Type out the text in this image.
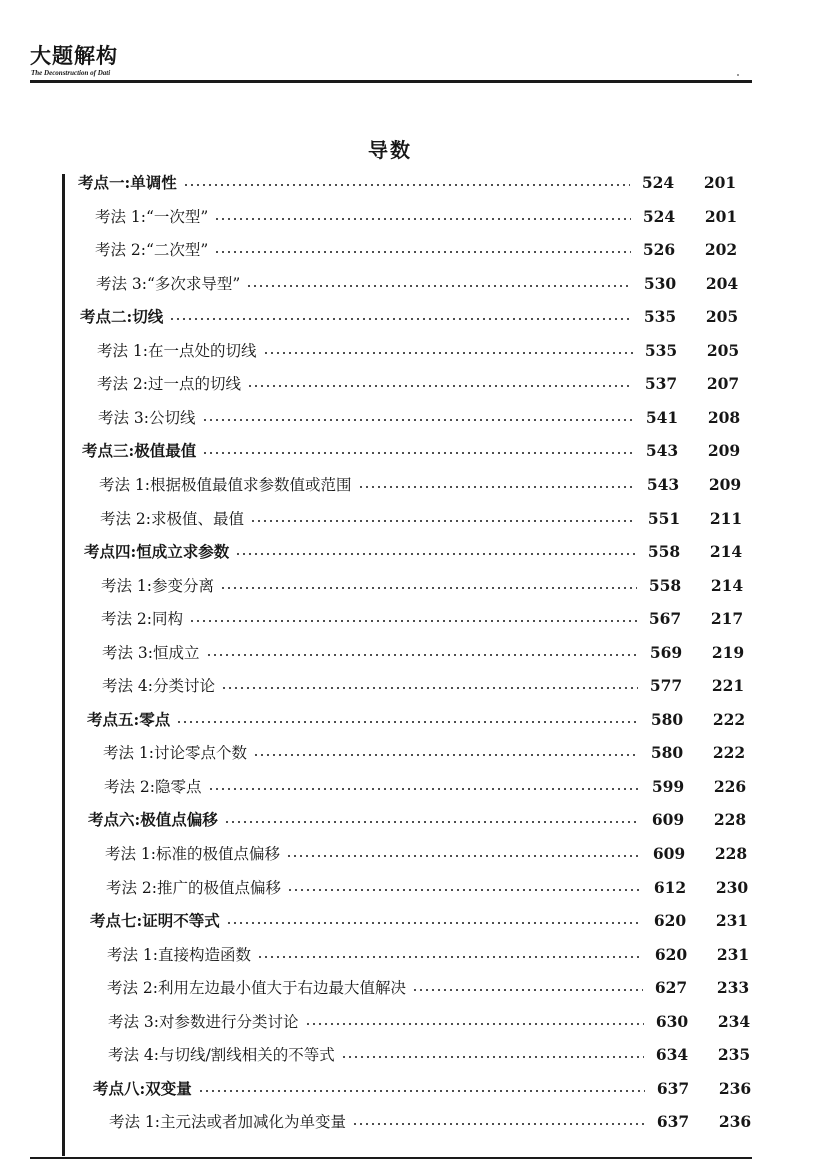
大题解构
The Deconstruction of Dati
导数
考点一:单调性	524 201
考法 1:“一次型”	524 201
考法 2:“二次型”	526 202
考法 3:“多次求导型”	530 204
考点二:切线	535 205
考法 1:在一点处的切线	535 205
考法 2:过一点的切线	537 207
考法 3:公切线	541 208
考点三:极值最值	543 209
考法 1:根据极值最值求参数值或范围	543 209
考法 2:求极值、最值	551 211
考点四:恒成立求参数	558 214
考法 1:参变分离	558 214
考法 2:同构	567 217
考法 3:恒成立	569 219
考法 4:分类讨论	577 221
考点五:零点	580 222
考法 1:讨论零点个数	580 222
考法 2:隐零点	599 226
考点六:极值点偏移	609 228
考法 1:标准的极值点偏移	609 228
考法 2:推广的极值点偏移	612 230
考点七:证明不等式	620 231
考法 1:直接构造函数	620 231
考法 2:利用左边最小值大于右边最大值解决	627 233
考法 3:对参数进行分类讨论	630 234
考法 4:与切线/割线相关的不等式	634 235
考点八:双变量	637 236
考法 1:主元法或者加减化为单变量	637 236
